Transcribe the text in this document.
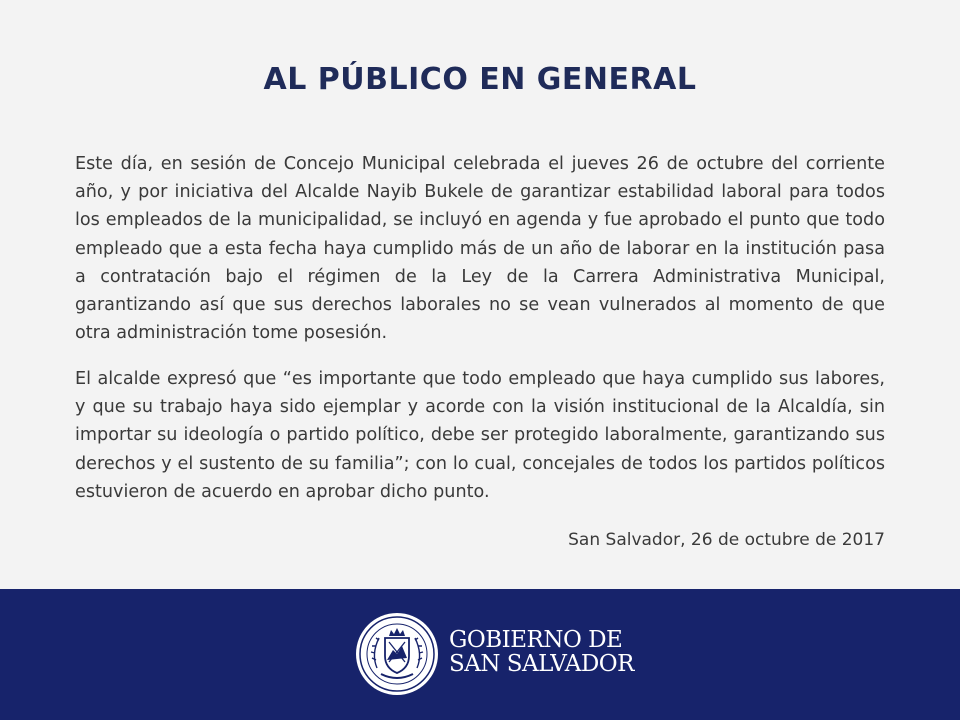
AL PÚBLICO EN GENERAL

Este día, en sesión de Concejo Municipal celebrada el jueves 26 de octubre del corriente año, y por iniciativa del Alcalde Nayib Bukele de garantizar estabilidad laboral para todos los empleados de la municipalidad, se incluyó en agenda y fue aprobado el punto que todo empleado que a esta fecha haya cumplido más de un año de laborar en la institución pasa a contratación bajo el régimen de la Ley de la Carrera Administrativa Municipal, garantizando así que sus derechos laborales no se vean vulnerados al momento de que otra administración tome posesión.

El alcalde expresó que “es importante que todo empleado que haya cumplido sus labores, y que su trabajo haya sido ejemplar y acorde con la visión institucional de la Alcaldía, sin importar su ideología o partido político, debe ser protegido laboralmente, garantizando sus derechos y el sustento de su familia”; con lo cual, concejales de todos los partidos políticos estuvieron de acuerdo en aprobar dicho punto.

San Salvador, 26 de octubre de 2017
GOBIERNO DE
SAN SALVADOR
